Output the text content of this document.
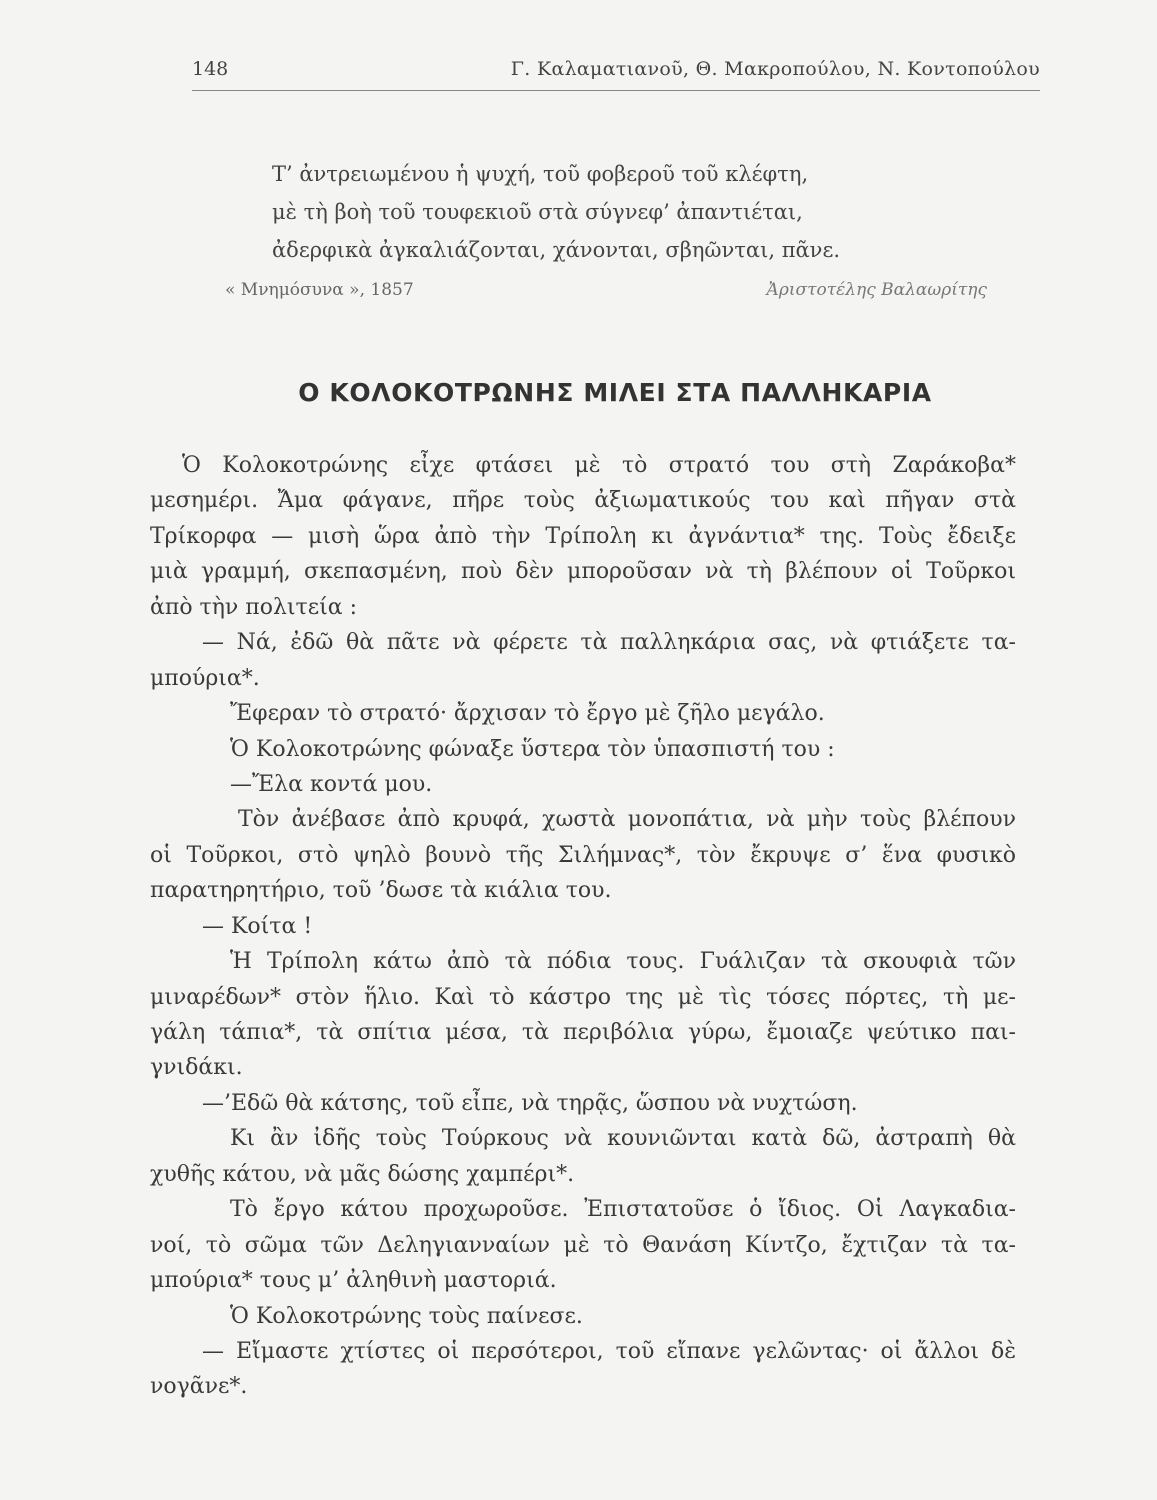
148	Γ. Καλαματιανοῦ, Θ. Μακροπούλου, Ν. Κοντοπούλου
Τ’ ἀντρειωμένου ἡ ψυχή, τοῦ φοβεροῦ τοῦ κλέφτη,
μὲ τὴ βοὴ τοῦ τουφεκιοῦ στὰ σύγνεφ’ ἀπαντιέται,
ἀδερφικὰ ἀγκαλιάζονται, χάνονται, σβηῶνται, πᾶνε.
« Μνημόσυνα », 1857	Ἀριστοτέλης Βαλαωρίτης
Ο ΚΟΛΟΚΟΤΡΩΝΗΣ ΜΙΛΕΙ ΣΤΑ ΠΑΛΛΗΚΑΡΙΑ
Ὁ Κολοκοτρώνης εἶχε φτάσει μὲ τὸ στρατό του στὴ Ζαράκοβα*
μεσημέρι. Ἄμα φάγανε, πῆρε τοὺς ἀξιωματικούς του καὶ πῆγαν στὰ
Τρίκορφα — μισὴ ὥρα ἀπὸ τὴν Τρίπολη κι ἀγνάντια* της. Τοὺς ἔδειξε
μιὰ γραμμή, σκεπασμένη, ποὺ δὲν μποροῦσαν νὰ τὴ βλέπουν οἱ Τοῦρκοι
ἀπὸ τὴν πολιτεία :
— Νά, ἐδῶ θὰ πᾶτε νὰ φέρετε τὰ παλληκάρια σας, νὰ φτιάξετε τα-
μπούρια*.
Ἔφεραν τὸ στρατό· ἄρχισαν τὸ ἔργο μὲ ζῆλο μεγάλο.
Ὁ Κολοκοτρώνης φώναξε ὕστερα τὸν ὑπασπιστή του :
—Ἔλα κοντά μου.
Τὸν ἀνέβασε ἀπὸ κρυφά, χωστὰ μονοπάτια, νὰ μὴν τοὺς βλέπουν
οἱ Τοῦρκοι, στὸ ψηλὸ βουνὸ τῆς Σιλήμνας*, τὸν ἔκρυψε σ’ ἕνα φυσικὸ
παρατηρητήριο, τοῦ ’δωσε τὰ κιάλια του.
— Κοίτα !
Ἡ Τρίπολη κάτω ἀπὸ τὰ πόδια τους. Γυάλιζαν τὰ σκουφιὰ τῶν
μιναρέδων* στὸν ἥλιο. Καὶ τὸ κάστρο της μὲ τὶς τόσες πόρτες, τὴ με-
γάλη τάπια*, τὰ σπίτια μέσα, τὰ περιβόλια γύρω, ἔμοιαζε ψεύτικο παι-
γνιδάκι.
—’Εδῶ θὰ κάτσης, τοῦ εἶπε, νὰ τηρᾷς, ὥσπου νὰ νυχτώση.
Κι ἂν ἰδῆς τοὺς Τούρκους νὰ κουνιῶνται κατὰ δῶ, ἀστραπὴ θὰ
χυθῆς κάτου, νὰ μᾶς δώσης χαμπέρι*.
Τὸ ἔργο κάτου προχωροῦσε. Ἐπιστατοῦσε ὁ ἴδιος. Οἱ Λαγκαδια-
νοί, τὸ σῶμα τῶν Δεληγιανναίων μὲ τὸ Θανάση Κίντζο, ἔχτιζαν τὰ τα-
μπούρια* τους μ’ ἀληθινὴ μαστοριά.
Ὁ Κολοκοτρώνης τοὺς παίνεσε.
— Εἴμαστε χτίστες οἱ περσότεροι, τοῦ εἴπανε γελῶντας· οἱ ἄλλοι δὲ
νογᾶνε*.
